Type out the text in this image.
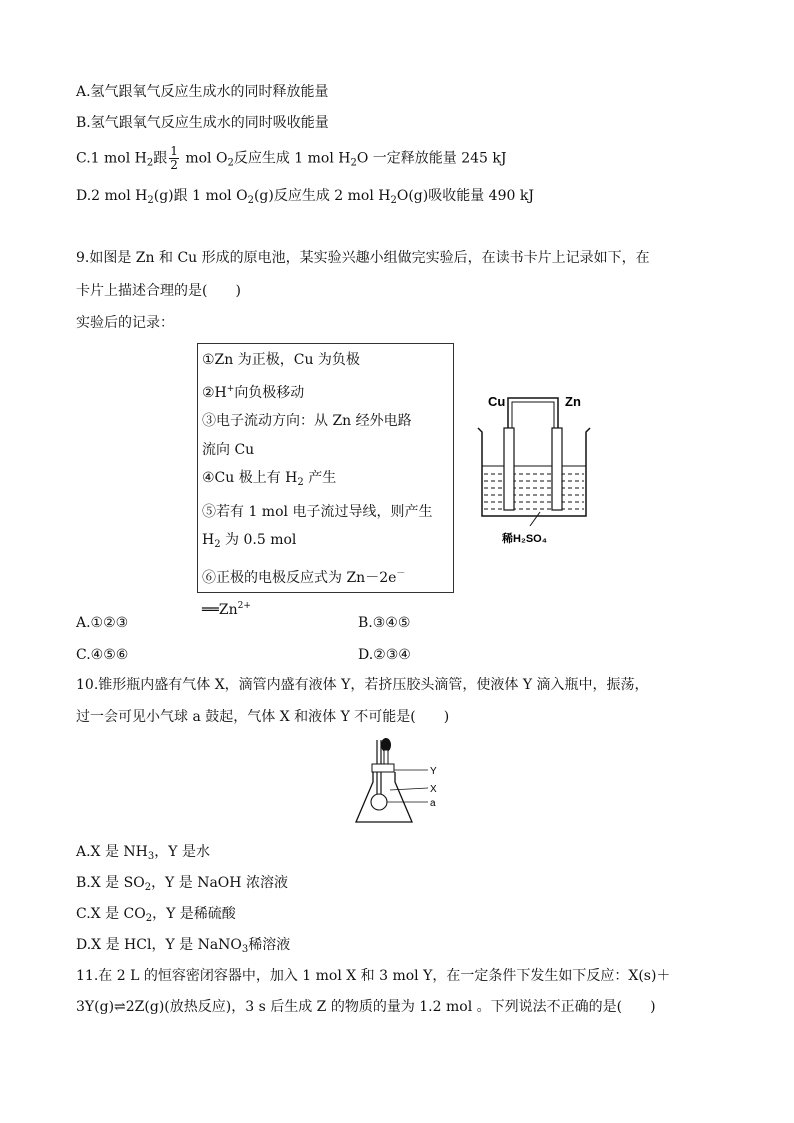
A.氢气跟氧气反应生成水的同时释放能量
B.氢气跟氧气反应生成水的同时吸收能量
C.1 mol $H_2$跟 $\frac{1}{2}$ mol $O_2$反应生成 1 mol $H_2O$ 一定释放能量 245 kJ
D.2 mol $H_2(g)$跟 1 mol $O_2(g)$反应生成 2 mol $H_2O(g)$吸收能量 490 kJ
9.如图是 Zn 和 Cu 形成的原电池，某实验兴趣小组做完实验后，在读书卡片上记录如下，在
卡片上描述合理的是(　　)
实验后的记录：
①Zn 为正极，Cu 为负极
②H+向负极移动
③电子流动方向：从 Zn 经外电路
流向 Cu
④Cu 极上有 $H_2$ 产生
⑤若有 1 mol 电子流过导线，则产生
$H_2$ 为 0.5 mol
⑥正极的电极反应式为 Zn－2e－
$══Zn^{2+}$
Cu	Zn
稀H₂SO₄
A.①②③	B.③④⑤
C.④⑤⑥	D.②③④
10.锥形瓶内盛有气体 X，滴管内盛有液体 Y，若挤压胶头滴管，使液体 Y 滴入瓶中，振荡，
过一会可见小气球 a 鼓起，气体 X 和液体 Y 不可能是(　　)
Y
X
a
A.X 是 $NH_3$，Y 是水
B.X 是 $SO_2$，Y 是 NaOH 浓溶液
C.X 是 $CO_2$，Y 是稀硫酸
D.X 是 HCl，Y 是 NaNO$_3$稀溶液
11.在 2 L 的恒容密闭容器中，加入 1 mol X 和 3 mol Y，在一定条件下发生如下反应：X(s)＋
3Y(g)⇌2Z(g)(放热反应)，3 s 后生成 Z 的物质的量为 1.2 mol 。下列说法不正确的是(　　)
